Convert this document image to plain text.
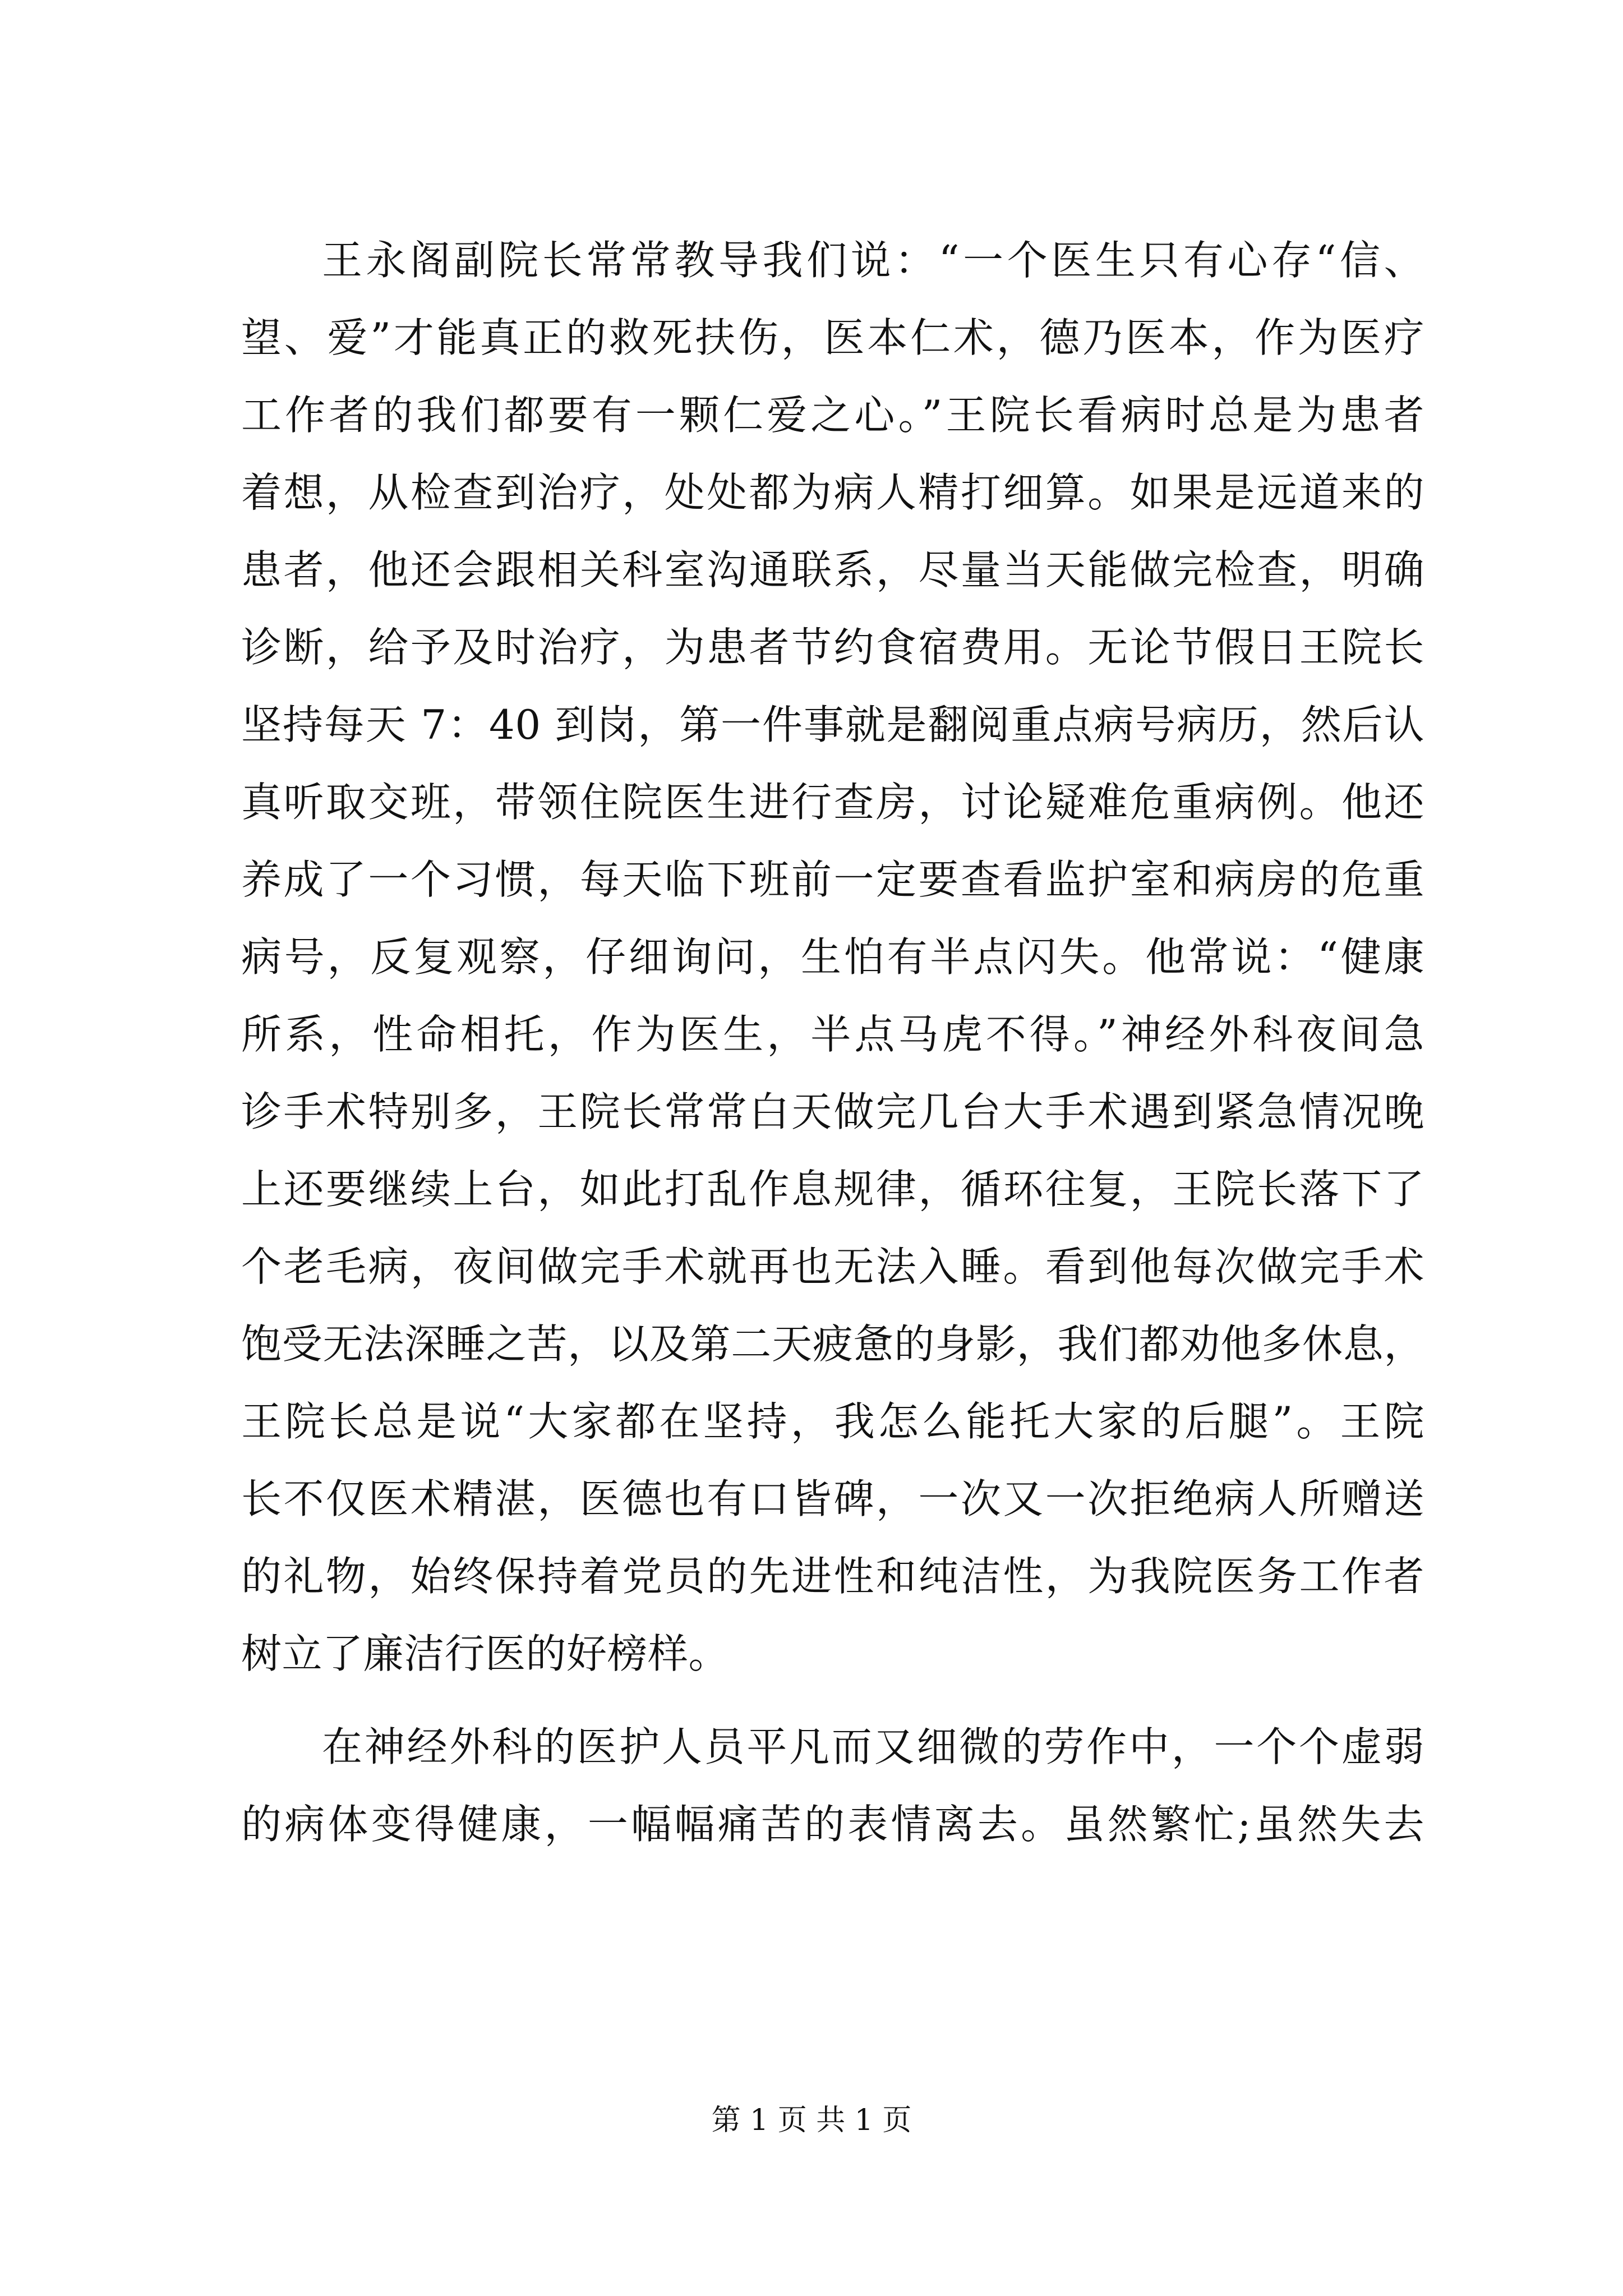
王永阁副院长常常教导我们说：“一个医生只有心存“信、
望、爱”才能真正的救死扶伤，医本仁术，德乃医本，作为医疗
工作者的我们都要有一颗仁爱之心。”王院长看病时总是为患者
着想，从检查到治疗，处处都为病人精打细算。如果是远道来的
患者，他还会跟相关科室沟通联系，尽量当天能做完检查，明确
诊断，给予及时治疗，为患者节约食宿费用。无论节假日王院长
坚持每天 7：40 到岗，第一件事就是翻阅重点病号病历，然后认
真听取交班，带领住院医生进行查房，讨论疑难危重病例。他还
养成了一个习惯，每天临下班前一定要查看监护室和病房的危重
病号，反复观察，仔细询问，生怕有半点闪失。他常说：“健康
所系，性命相托，作为医生，半点马虎不得。”神经外科夜间急
诊手术特别多，王院长常常白天做完几台大手术遇到紧急情况晚
上还要继续上台，如此打乱作息规律，循环往复，王院长落下了
个老毛病，夜间做完手术就再也无法入睡。看到他每次做完手术
饱受无法深睡之苦，以及第二天疲惫的身影，我们都劝他多休息，
王院长总是说“大家都在坚持，我怎么能托大家的后腿”。王院
长不仅医术精湛，医德也有口皆碑，一次又一次拒绝病人所赠送
的礼物，始终保持着党员的先进性和纯洁性，为我院医务工作者
树立了廉洁行医的好榜样。
在神经外科的医护人员平凡而又细微的劳作中，一个个虚弱
的病体变得健康，一幅幅痛苦的表情离去。虽然繁忙;虽然失去
第 1 页 共 1 页
